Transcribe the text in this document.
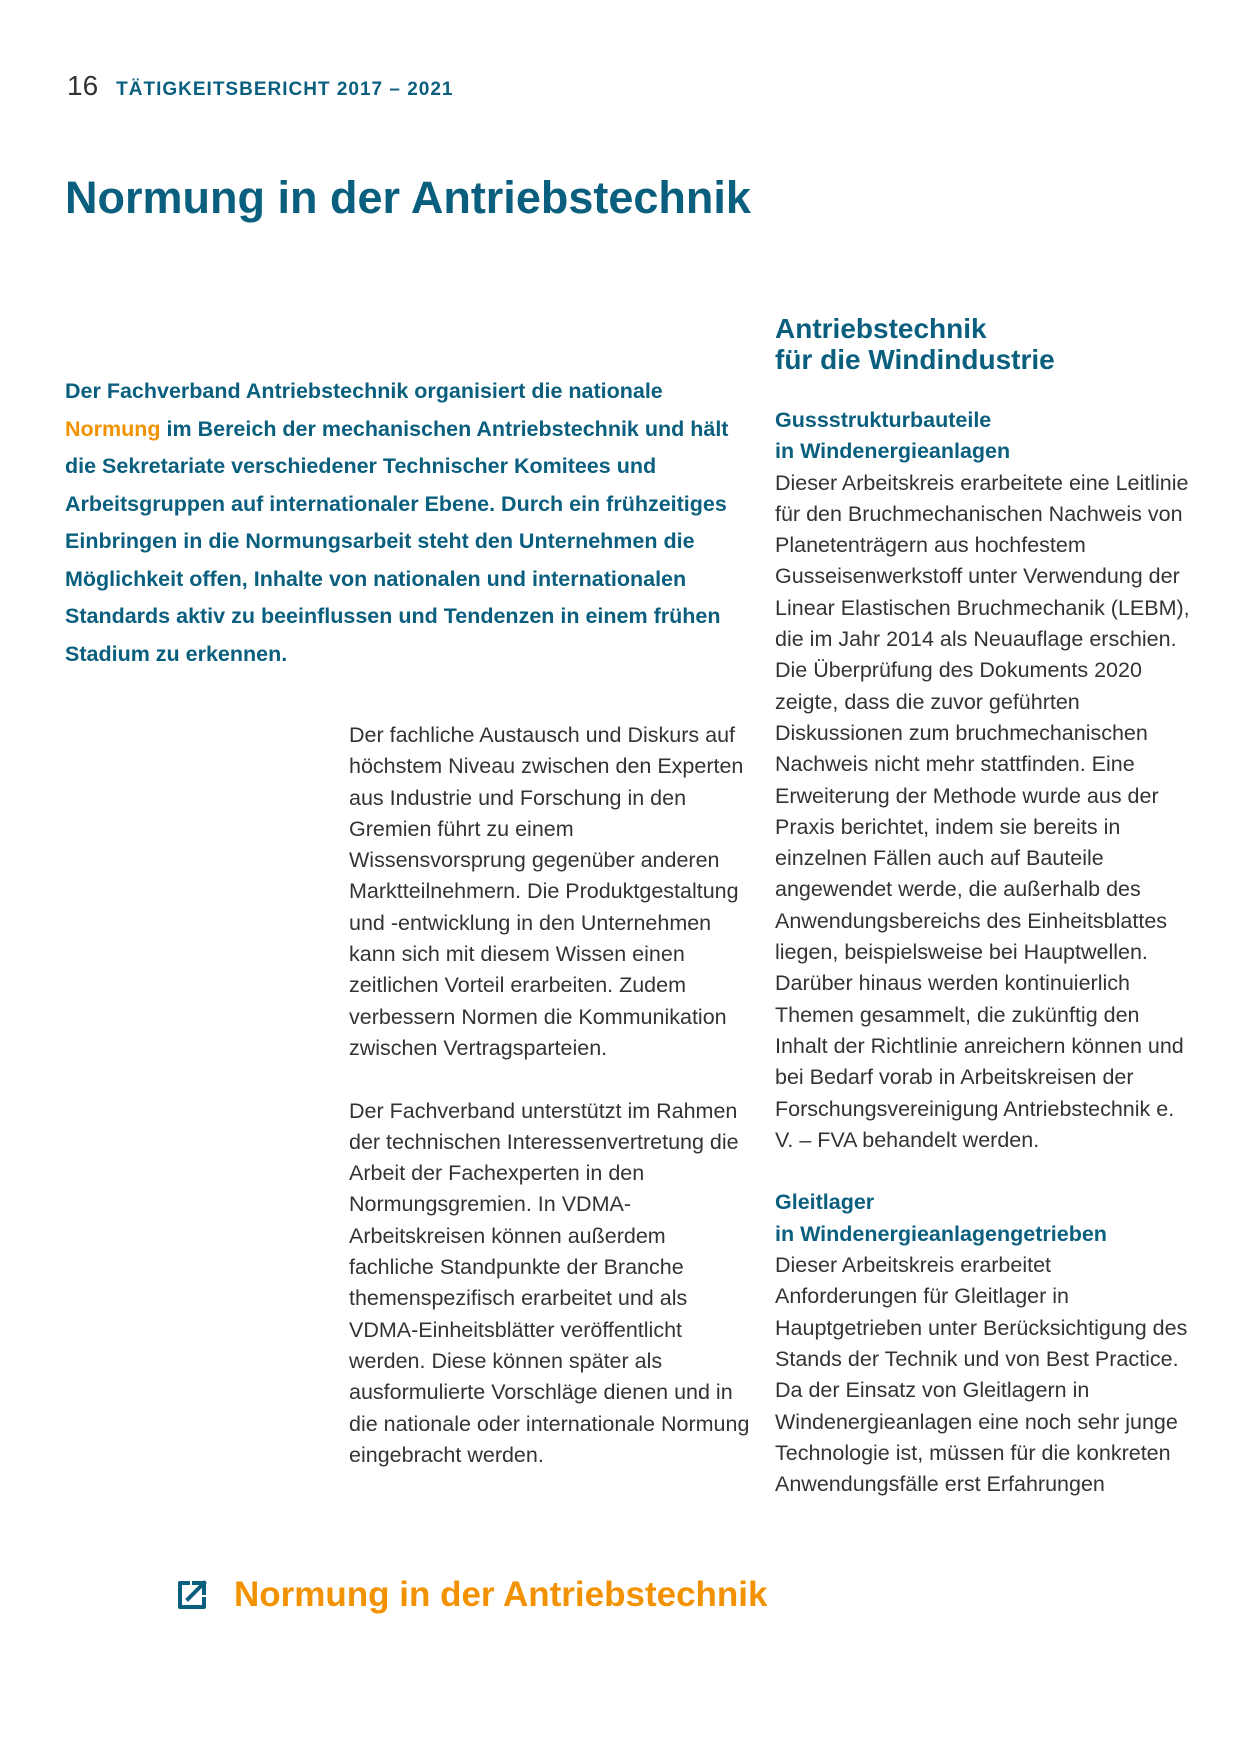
16 TÄTIGKEITSBERICHT 2017 – 2021
Normung in der Antriebstechnik

Der Fachverband Antriebstechnik organisiert die nationale Normung im Bereich der mechanischen Antriebstechnik und hält die Sekretariate verschiedener Technischer Komitees und Arbeitsgruppen auf internationaler Ebene. Durch ein frühzeitiges Einbringen in die Normungsarbeit steht den Unternehmen die Möglichkeit offen, Inhalte von nationalen und internationalen Standards aktiv zu beeinflussen und Tendenzen in einem frühen Stadium zu erkennen.

Der fachliche Austausch und Diskurs auf höchstem Niveau zwischen den Experten aus Industrie und Forschung in den Gremien führt zu einem Wissensvorsprung gegenüber anderen Marktteilnehmern. Die Produktgestaltung und -entwicklung in den Unternehmen kann sich mit diesem Wissen einen zeitlichen Vorteil erarbeiten. Zudem verbessern Normen die Kommunikation zwischen Vertragsparteien.

Der Fachverband unterstützt im Rahmen der technischen Interessenvertretung die Arbeit der Fachexperten in den Normungsgremien. In VDMA-Arbeitskreisen können außerdem fachliche Standpunkte der Branche themenspezifisch erarbeitet und als VDMA-Einheitsblätter veröffentlicht werden. Diese können später als ausformulierte Vorschläge dienen und in die nationale oder internationale Normung eingebracht werden.

Antriebstechnik
für die Windindustrie
Gussstrukturbauteile
in Windenergieanlagen

Dieser Arbeitskreis erarbeitete eine Leitlinie für den Bruchmechanischen Nachweis von Planetenträgern aus hochfestem Gusseisenwerkstoff unter Verwendung der Linear Elastischen Bruchmechanik (LEBM), die im Jahr 2014 als Neuauflage erschien. Die Überprüfung des Dokuments 2020 zeigte, dass die zuvor geführten Diskussionen zum bruchmechanischen Nachweis nicht mehr stattfinden. Eine Erweiterung der Methode wurde aus der Praxis berichtet, indem sie bereits in einzelnen Fällen auch auf Bauteile angewendet werde, die außerhalb des Anwendungsbereichs des Einheitsblattes liegen, beispielsweise bei Hauptwellen. Darüber hinaus werden kontinuierlich Themen gesammelt, die zukünftig den Inhalt der Richtlinie anreichern können und bei Bedarf vorab in Arbeitskreisen der Forschungsvereinigung Antriebstechnik e. V. – FVA behandelt werden.

Gleitlager
in Windenergieanlagengetrieben

Dieser Arbeitskreis erarbeitet Anforderungen für Gleitlager in Hauptgetrieben unter Berücksichtigung des Stands der Technik und von Best Practice. Da der Einsatz von Gleitlagern in Windenergieanlagen eine noch sehr junge Technologie ist, müssen für die konkreten Anwendungsfälle erst Erfahrungen

Normung in der Antriebstechnik
